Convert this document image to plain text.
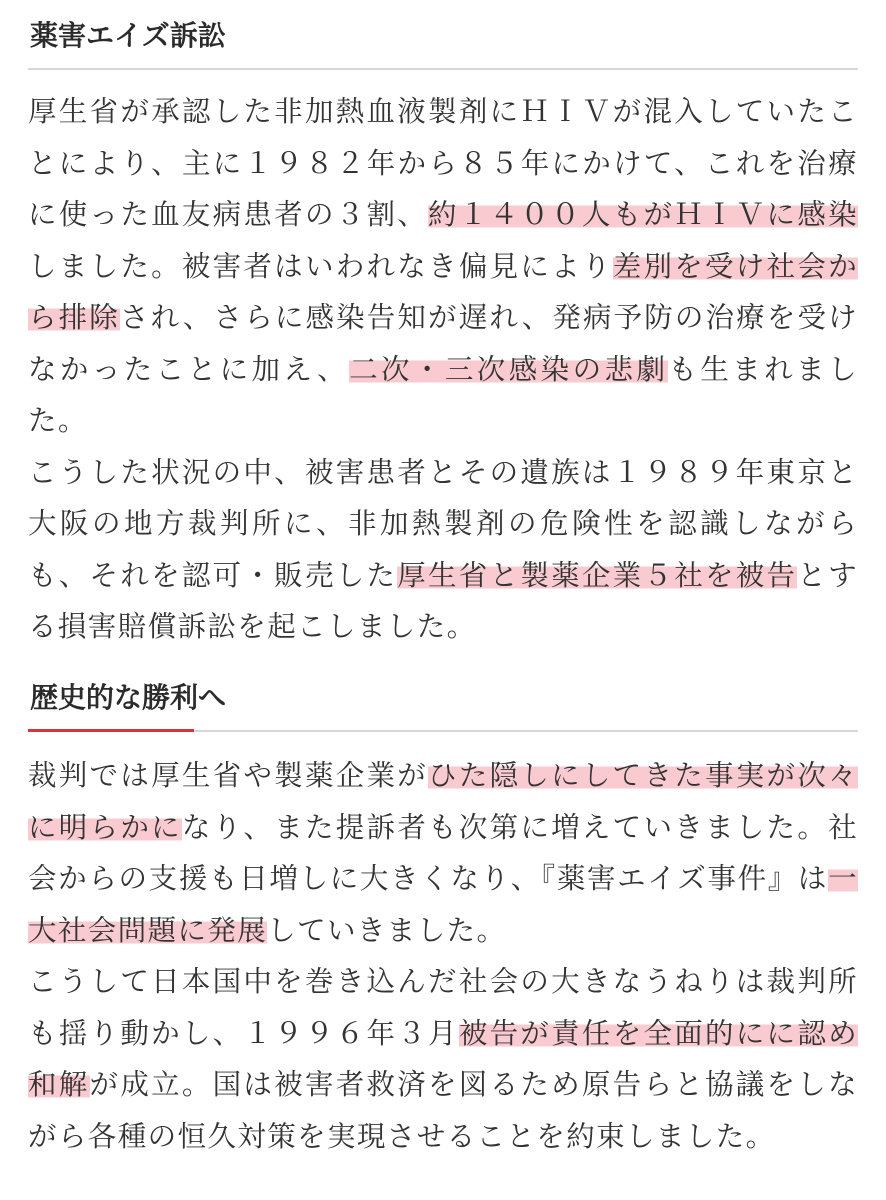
薬害エイズ訴訟

厚生省が承認した非加熱血液製剤にＨＩＶが混入していたことにより、主に１９８２年から８５年にかけて、これを治療に使った血友病患者の３割、約１４００人もがＨＩＶに感染しました。被害者はいわれなき偏見により差別を受け社会から排除され、さらに感染告知が遅れ、発病予防の治療を受けなかったことに加え、二次・三次感染の悲劇も生まれました。

こうした状況の中、被害患者とその遺族は１９８９年東京と大阪の地方裁判所に、非加熱製剤の危険性を認識しながらも、それを認可・販売した厚生省と製薬企業５社を被告とする損害賠償訴訟を起こしました。

歴史的な勝利へ

裁判では厚生省や製薬企業がひた隠しにしてきた事実が次々に明らかになり、また提訴者も次第に増えていきました。社会からの支援も日増しに大きくなり、『薬害エイズ事件』は一大社会問題に発展していきました。

こうして日本国中を巻き込んだ社会の大きなうねりは裁判所も揺り動かし、１９９６年３月被告が責任を全面的にに認め和解が成立。国は被害者救済を図るため原告らと協議をしながら各種の恒久対策を実現させることを約束しました。
